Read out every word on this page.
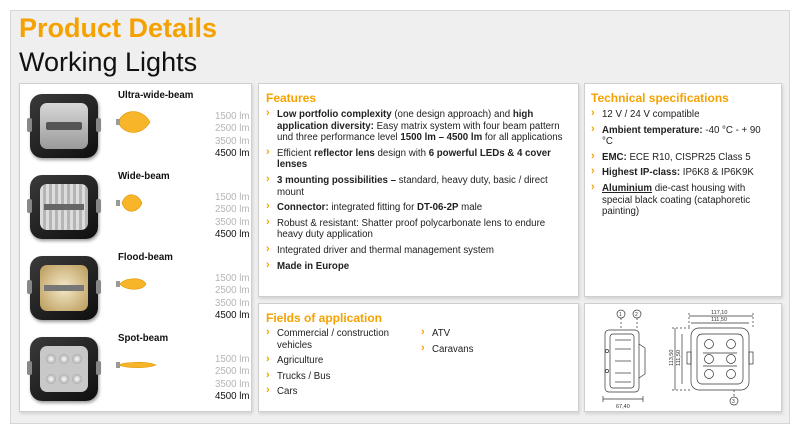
Product Details
Working Lights
Ultra-wide-beam
1500 lm
2500 lm
3500 lm
4500 lm
Wide-beam
1500 lm
2500 lm
3500 lm
4500 lm
Flood-beam
1500 lm
2500 lm
3500 lm
4500 lm
Spot-beam
1500 lm
2500 lm
3500 lm
4500 lm
Features
› Low portfolio complexity (one design approach) and high application diversity: Easy matrix system with four beam pattern und three performance level 1500 lm – 4500 lm for all applications
› Efficient reflector lens design with 6 powerful LEDs & 4 cover lenses
› 3 mounting possibilities – standard, heavy duty, basic / direct mount
› Connector: integrated fitting for DT-06-2P male
› Robust & resistant: Shatter proof polycarbonate lens to endure heavy duty application
› Integrated driver and thermal management system
› Made in Europe
Technical specifications
› 12 V / 24 V compatible
› Ambient temperature: -40 °C - + 90 °C
› EMC: ECE R10, CISPR25 Class 5
› Highest IP-class: IP6K8 & IP6K9K
› Aluminium die-cast housing with special black coating (cataphoretic painting)
Fields of application
› Commercial / construction vehicles
› Agriculture
› Trucks / Bus
› Cars
› ATV
› Caravans
67,40
1	2	117,10
111,50
113,50 111,50
3
